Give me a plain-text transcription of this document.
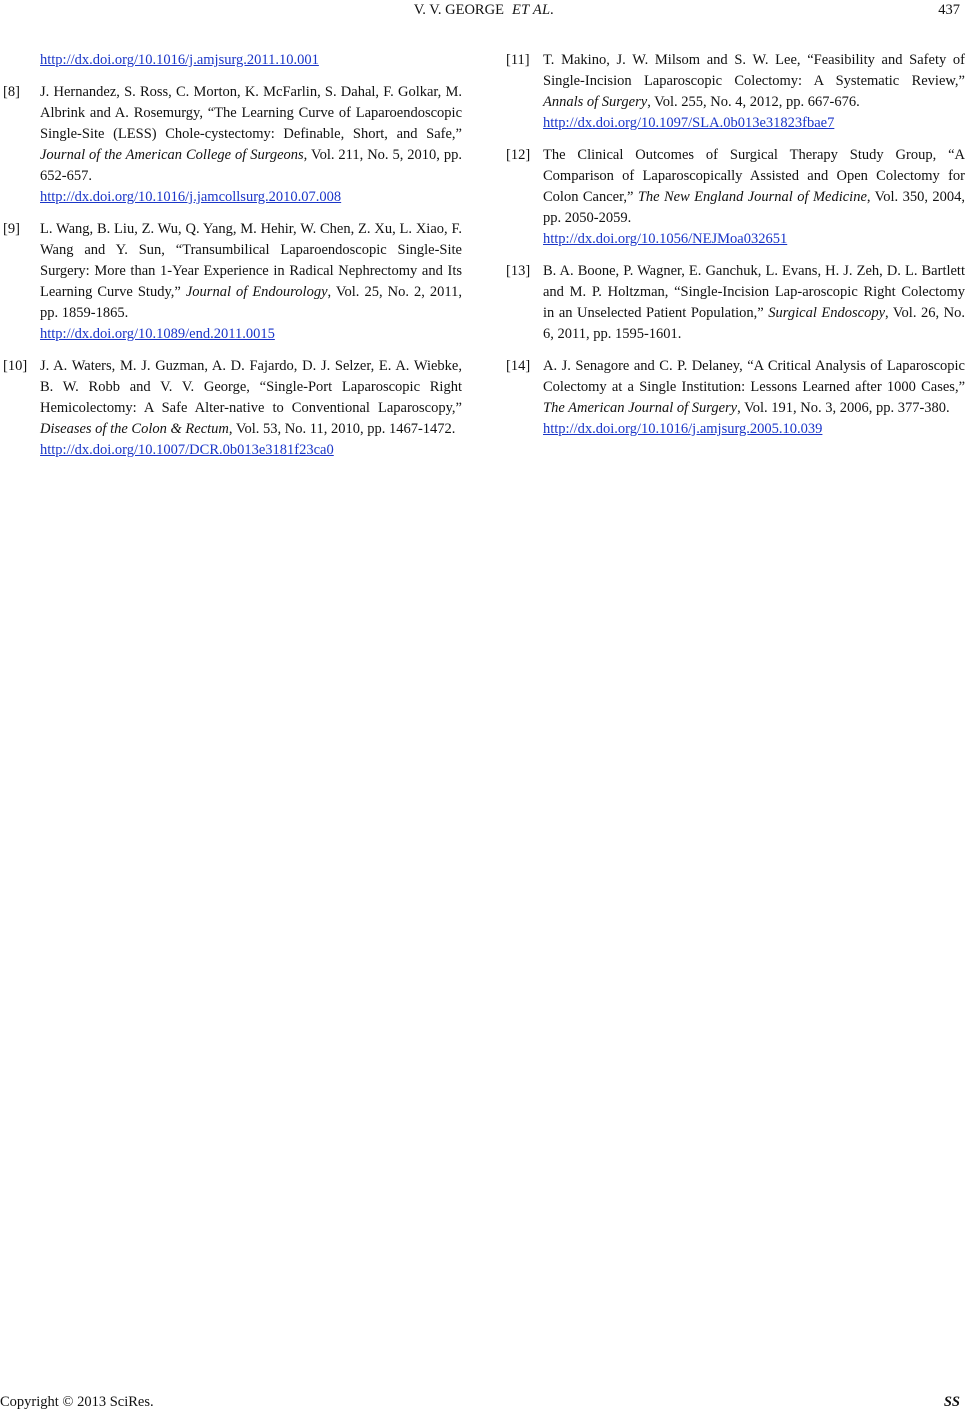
V. V. GEORGE ET AL.	437
http://dx.doi.org/10.1016/j.amjsurg.2011.10.001
[8] J. Hernandez, S. Ross, C. Morton, K. McFarlin, S. Dahal, F. Golkar, M. Albrink and A. Rosemurgy, “The Learning Curve of Laparoendoscopic Single-Site (LESS) Chole-cystectomy: Definable, Short, and Safe,” Journal of the American College of Surgeons, Vol. 211, No. 5, 2010, pp. 652-657.
http://dx.doi.org/10.1016/j.jamcollsurg.2010.07.008
[9] L. Wang, B. Liu, Z. Wu, Q. Yang, M. Hehir, W. Chen, Z. Xu, L. Xiao, F. Wang and Y. Sun, “Transumbilical Laparoendoscopic Single-Site Surgery: More than 1-Year Experience in Radical Nephrectomy and Its Learning Curve Study,” Journal of Endourology, Vol. 25, No. 2, 2011, pp. 1859-1865.
http://dx.doi.org/10.1089/end.2011.0015
[10] J. A. Waters, M. J. Guzman, A. D. Fajardo, D. J. Selzer, E. A. Wiebke, B. W. Robb and V. V. George, “Single-Port Laparoscopic Right Hemicolectomy: A Safe Alter-native to Conventional Laparoscopy,” Diseases of the Colon & Rectum, Vol. 53, No. 11, 2010, pp. 1467-1472.
http://dx.doi.org/10.1007/DCR.0b013e3181f23ca0
[11] T. Makino, J. W. Milsom and S. W. Lee, “Feasibility and Safety of Single-Incision Laparoscopic Colectomy: A Systematic Review,” Annals of Surgery, Vol. 255, No. 4, 2012, pp. 667-676.
http://dx.doi.org/10.1097/SLA.0b013e31823fbae7
[12] The Clinical Outcomes of Surgical Therapy Study Group, “A Comparison of Laparoscopically Assisted and Open Colectomy for Colon Cancer,” The New England Journal of Medicine, Vol. 350, 2004, pp. 2050-2059.
http://dx.doi.org/10.1056/NEJMoa032651
[13] B. A. Boone, P. Wagner, E. Ganchuk, L. Evans, H. J. Zeh, D. L. Bartlett and M. P. Holtzman, “Single-Incision Lap-aroscopic Right Colectomy in an Unselected Patient Population,” Surgical Endoscopy, Vol. 26, No. 6, 2011, pp. 1595-1601.
[14] A. J. Senagore and C. P. Delaney, “A Critical Analysis of Laparoscopic Colectomy at a Single Institution: Lessons Learned after 1000 Cases,” The American Journal of Surgery, Vol. 191, No. 3, 2006, pp. 377-380.
http://dx.doi.org/10.1016/j.amjsurg.2005.10.039
Copyright © 2013 SciRes.	SS
